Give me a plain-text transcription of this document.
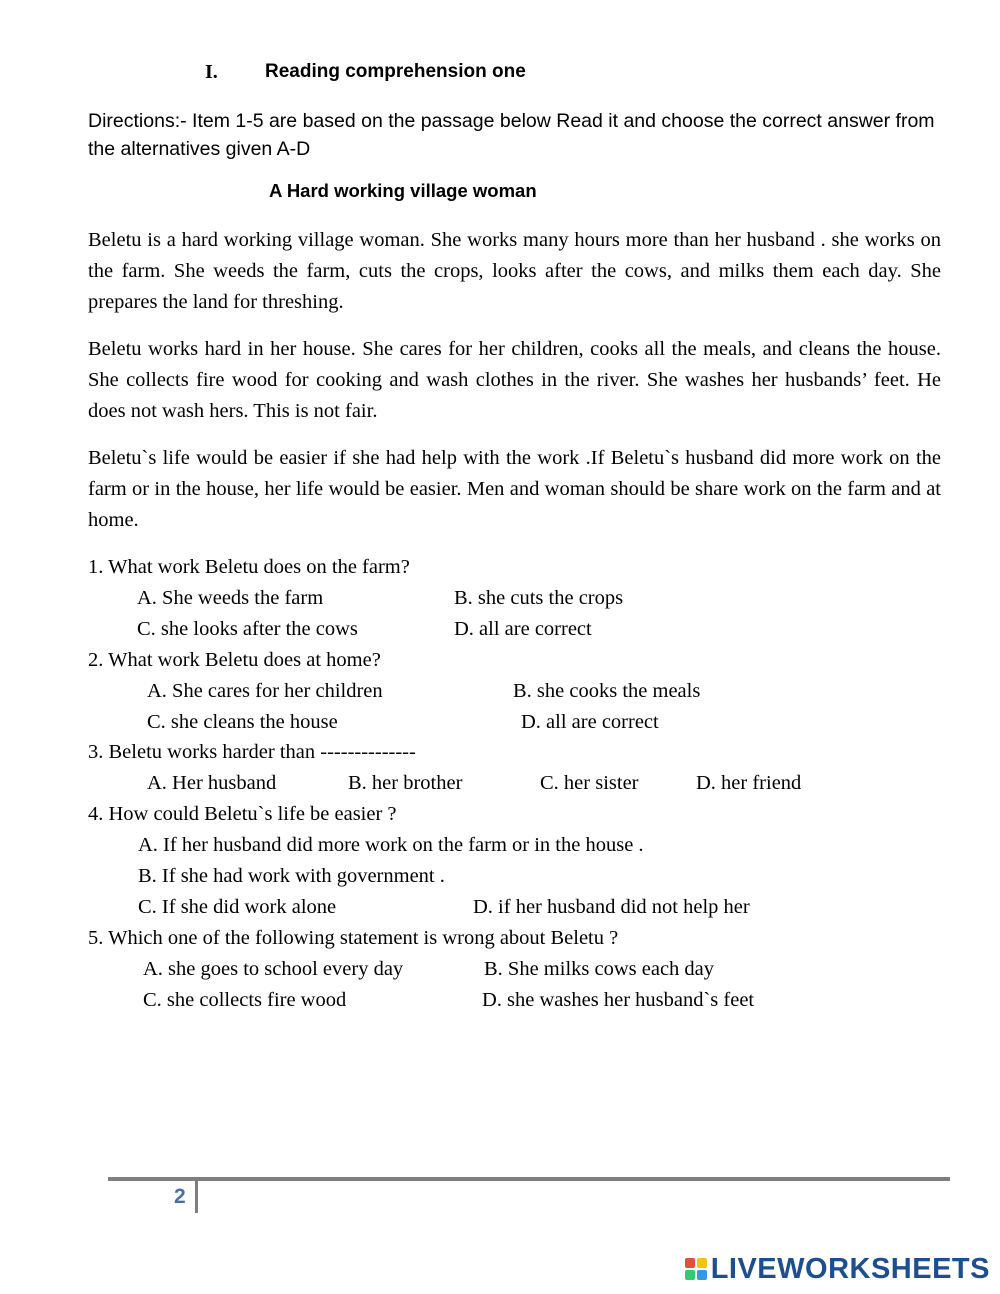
I. Reading comprehension one
Directions:- Item 1-5 are based on the passage below Read it and choose the correct answer from the alternatives given A-D
A Hard working village woman
Beletu is a hard working village woman. She works many hours more than her husband . she works on the farm. She weeds the farm, cuts the crops, looks after the cows, and milks them each day. She prepares the land for threshing.
Beletu works hard in her house. She cares for her children, cooks all the meals, and cleans the house. She collects fire wood for cooking and wash clothes in the river. She washes her husbands’ feet. He does not wash hers. This is not fair.
Beletu`s life would be easier if she had help with the work .If Beletu`s husband did more work on the farm or in the house, her life would be easier. Men and woman should be share work on the farm and at home.
1. What work Beletu does on the farm?
A. She weeds the farm	B. she cuts the crops
C. she looks after the cows	D. all are correct
2. What work Beletu does at home?
A. She cares for her children	B. she cooks the meals
C. she cleans the house	D. all are correct
3. Beletu works harder than --------------
A. Her husband	B. her brother	C. her sister	D. her friend
4. How could Beletu`s life be easier ?
A. If her husband did more work on the farm or in the house .
B. If she had work with government .
C. If she did work alone	D. if her husband did not help her
5. Which one of the following statement is wrong about Beletu ?
A. she goes to school every day	B. She milks cows each day
C. she collects fire wood	D. she washes her husband`s feet
2
LIVEWORKSHEETS
